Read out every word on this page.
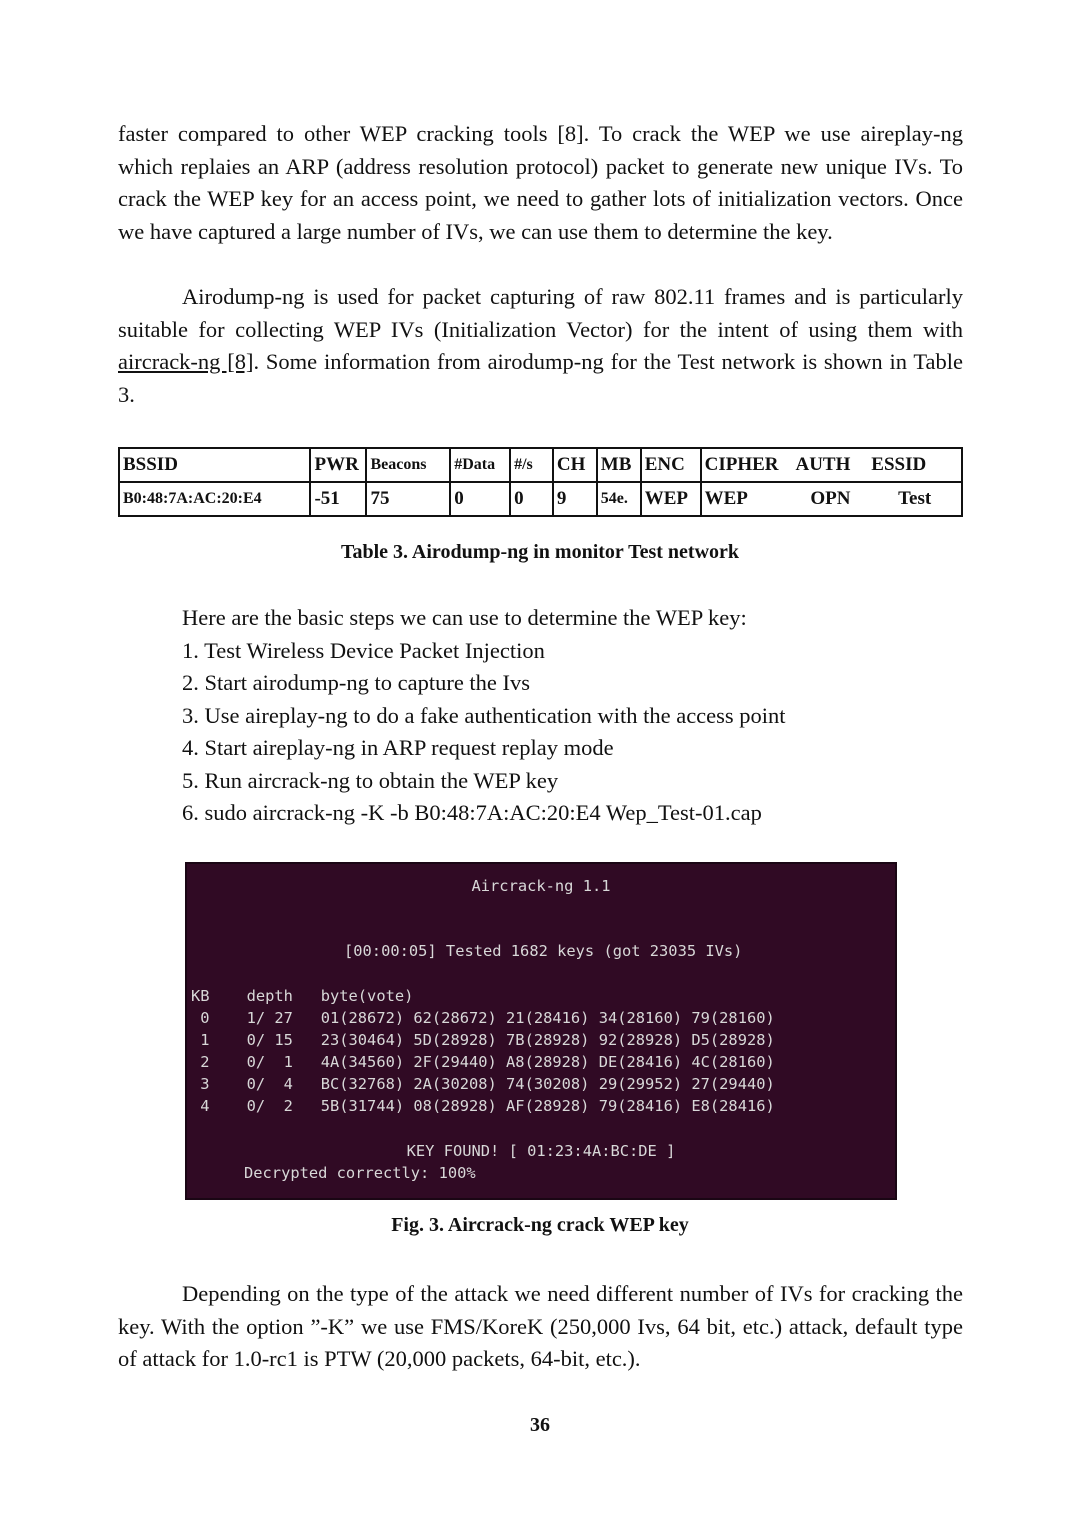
faster compared to other WEP cracking tools [8]. To crack the WEP we use aireplay-ng which replaies an ARP (address resolution protocol) packet to generate new unique IVs. To crack the WEP key for an access point, we need to gather lots of initialization vectors. Once we have captured a large number of IVs, we can use them to determine the key.

Airodump-ng is used for packet capturing of raw 802.11 frames and is particularly suitable for collecting WEP IVs (Initialization Vector) for the intent of using them with aircrack-ng [8]. Some information from airodump-ng for the Test network is shown in Table 3.

BSSID	PWR	Beacons	#Data	#/s	CH	MB	ENC	CIPHER	AUTH	ESSID
B0:48:7A:AC:20:E4	-51	75	0	0	9	54e.	WEP	WEP	OPN	Test
Table 3. Airodump-ng in monitor Test network
Here are the basic steps we can use to determine the WEP key:
1. Test Wireless Device Packet Injection
2. Start airodump-ng to capture the Ivs
3. Use aireplay-ng to do a fake authentication with the access point
4. Start aireplay-ng in ARP request replay mode
5. Run aircrack-ng to obtain the WEP key
6. sudo aircrack-ng -K -b B0:48:7A:AC:20:E4 Wep_Test-01.cap
Aircrack-ng 1.1
[00:00:05] Tested 1682 keys (got 23035 IVs)
KB    depth   byte(vote)
0    1/ 27   01(28672) 62(28672) 21(28416) 34(28160) 79(28160)
1    0/ 15   23(30464) 5D(28928) 7B(28928) 92(28928) D5(28928)
2    0/  1   4A(34560) 2F(29440) A8(28928) DE(28416) 4C(28160)
3    0/  4   BC(32768) 2A(30208) 74(30208) 29(29952) 27(29440)
4    0/  2   5B(31744) 08(28928) AF(28928) 79(28416) E8(28416)
KEY FOUND! [ 01:23:4A:BC:DE ]
Decrypted correctly: 100%
Fig. 3. Aircrack-ng crack WEP key

Depending on the type of the attack we need different number of IVs for cracking the key. With the option ”-K” we use FMS/KoreK (250,000 Ivs, 64 bit, etc.) attack, default type of attack for 1.0-rc1 is PTW (20,000 packets, 64-bit, etc.).

36
